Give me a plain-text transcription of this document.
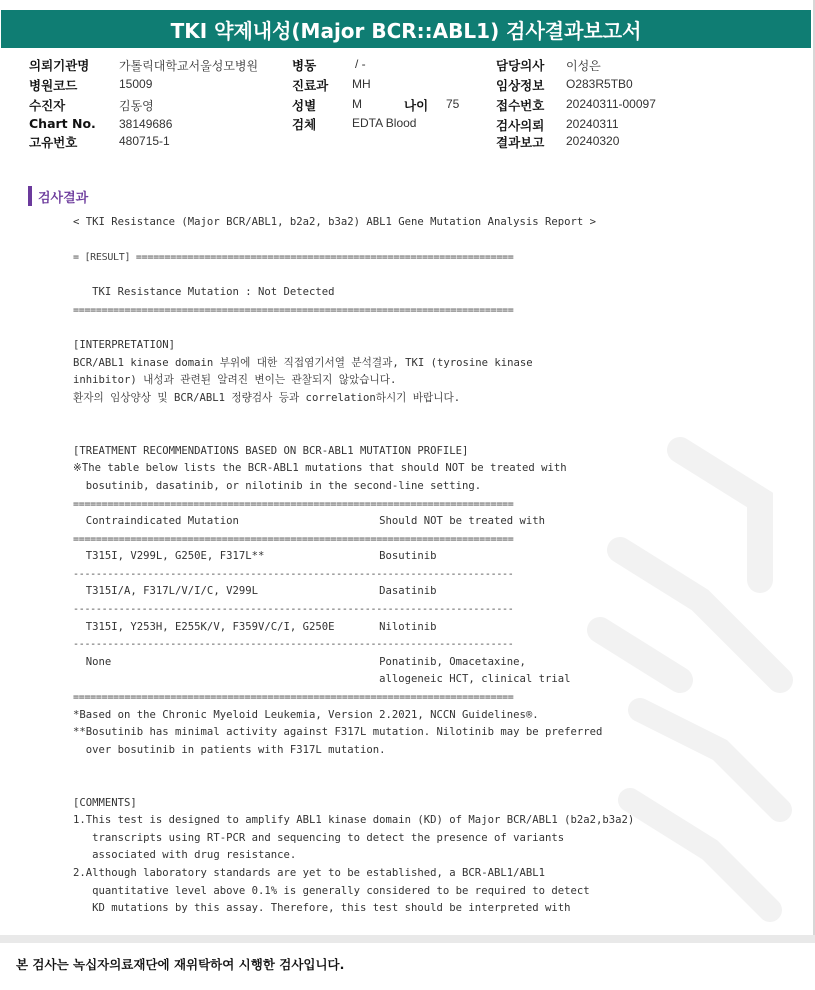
TKI 약제내성(Major BCR::ABL1) 검사결과보고서
의뢰기관명 가톨릭대학교서울성모병원
병원코드	15009
수진자	김동영
Chart No. 38149686
고유번호	480715-1
병동	/ -
진료과 MH
성별	M	나이 75
검체	EDTA Blood
담당의사 이성은
임상정보 O283R5TB0
접수번호 20240311-00097
검사의뢰 20240311
결과보고 20240320
검사결과
< TKI Resistance (Major BCR/ABL1, b2a2, b3a2) ABL1 Gene Mutation Analysis Report >
= [RESULT] ==================================================================
TKI Resistance Mutation : Not Detected
=============================================================================
[INTERPRETATION]
BCR/ABL1 kinase domain 부위에 대한 직접염기서열 분석결과, TKI (tyrosine kinase
inhibitor) 내성과 관련된 알려진 변이는 관찰되지 않았습니다.
환자의 임상양상 및 BCR/ABL1 정량검사 등과 correlation하시기 바랍니다.
[TREATMENT RECOMMENDATIONS BASED ON BCR-ABL1 MUTATION PROFILE]
※The table below lists the BCR-ABL1 mutations that should NOT be treated with
bosutinib, dasatinib, or nilotinib in the second-line setting.
=============================================================================
Contraindicated Mutation                      Should NOT be treated with
=============================================================================
T315I, V299L, G250E, F317L**                  Bosutinib
-----------------------------------------------------------------------------
T315I/A, F317L/V/I/C, V299L                   Dasatinib
-----------------------------------------------------------------------------
T315I, Y253H, E255K/V, F359V/C/I, G250E       Nilotinib
-----------------------------------------------------------------------------
None                                          Ponatinib, Omacetaxine,
allogeneic HCT, clinical trial
=============================================================================
*Based on the Chronic Myeloid Leukemia, Version 2.2021, NCCN Guidelines®.
**Bosutinib has minimal activity against F317L mutation. Nilotinib may be preferred
over bosutinib in patients with F317L mutation.
[COMMENTS]
1.This test is designed to amplify ABL1 kinase domain (KD) of Major BCR/ABL1 (b2a2,b3a2)
transcripts using RT-PCR and sequencing to detect the presence of variants
associated with drug resistance.
2.Although laboratory standards are yet to be established, a BCR-ABL1/ABL1
quantitative level above 0.1% is generally considered to be required to detect
KD mutations by this assay. Therefore, this test should be interpreted with
본 검사는 녹십자의료재단에 재위탁하여 시행한 검사입니다.
